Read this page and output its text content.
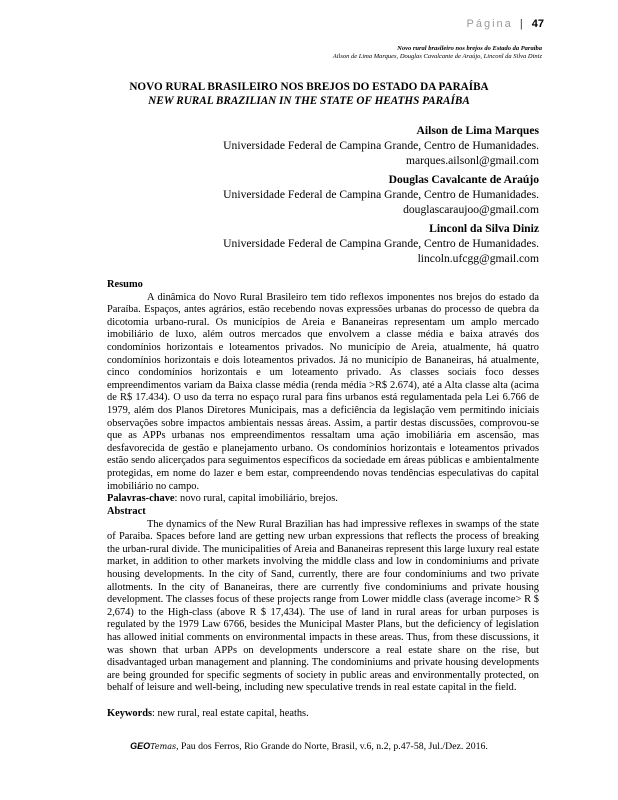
Página | 47
Novo rural brasileiro nos brejos do Estado da Paraíba
Ailson de Lima Marques, Douglas Cavalcante de Araújo, Linconl da Silva Diniz
NOVO RURAL BRASILEIRO NOS BREJOS DO ESTADO DA PARAÍBA
NEW RURAL BRAZILIAN IN THE STATE OF HEATHS PARAÍBA
Ailson de Lima Marques
Universidade Federal de Campina Grande, Centro de Humanidades.
marques.ailsonl@gmail.com
Douglas Cavalcante de Araújo
Universidade Federal de Campina Grande, Centro de Humanidades.
douglascaraujoo@gmail.com
Linconl da Silva Diniz
Universidade Federal de Campina Grande, Centro de Humanidades.
lincoln.ufcgg@gmail.com
Resumo
A dinâmica do Novo Rural Brasileiro tem tido reflexos imponentes nos brejos do estado da Paraíba. Espaços, antes agrários, estão recebendo novas expressões urbanas do processo de quebra da dicotomia urbano-rural. Os municípios de Areia e Bananeiras representam um amplo mercado imobiliário de luxo, além outros mercados que envolvem a classe média e baixa através dos condomínios horizontais e loteamentos privados. No município de Areia, atualmente, há quatro condomínios horizontais e dois loteamentos privados. Já no município de Bananeiras, há atualmente, cinco condomínios horizontais e um loteamento privado. As classes sociais foco desses empreendimentos variam da Baixa classe média (renda média >R$ 2.674), até a Alta classe alta (acima de R$ 17.434). O uso da terra no espaço rural para fins urbanos está regulamentada pela Lei 6.766 de 1979, além dos Planos Diretores Municipais, mas a deficiência da legislação vem permitindo iniciais observações sobre impactos ambientais nessas áreas. Assim, a partir destas discussões, comprovou-se que as APPs urbanas nos empreendimentos ressaltam uma ação imobiliária em ascensão, mas desfavorecida de gestão e planejamento urbano. Os condomínios horizontais e loteamentos privados estão sendo alicerçados para seguimentos específicos da sociedade em áreas públicas e ambientalmente protegidas, em nome do lazer e bem estar, compreendendo novas tendências especulativas do capital imobiliário no campo.
Palavras-chave: novo rural, capital imobiliário, brejos.
Abstract
The dynamics of the New Rural Brazilian has had impressive reflexes in swamps of the state of Paraiba. Spaces before land are getting new urban expressions that reflects the process of breaking the urban-rural divide. The municipalities of Areia and Bananeiras represent this large luxury real estate market, in addition to other markets involving the middle class and low in condominiums and private housing developments. In the city of Sand, currently, there are four condominiums and two private allotments. In the city of Bananeiras, there are currently five condominiums and private housing development. The classes focus of these projects range from Lower middle class (average income> R $ 2,674) to the High-class (above R $ 17,434). The use of land in rural areas for urban purposes is regulated by the 1979 Law 6766, besides the Municipal Master Plans, but the deficiency of legislation has allowed initial comments on environmental impacts in these areas. Thus, from these discussions, it was shown that urban APPs on developments underscore a real estate share on the rise, but disadvantaged urban management and planning. The condominiums and private housing developments are being grounded for specific segments of society in public areas and environmentally protected, on behalf of leisure and well-being, including new speculative trends in real estate capital in the field.
Keywords: new rural, real estate capital, heaths.
GEOTemas, Pau dos Ferros, Rio Grande do Norte, Brasil, v.6, n.2, p.47-58, Jul./Dez. 2016.
